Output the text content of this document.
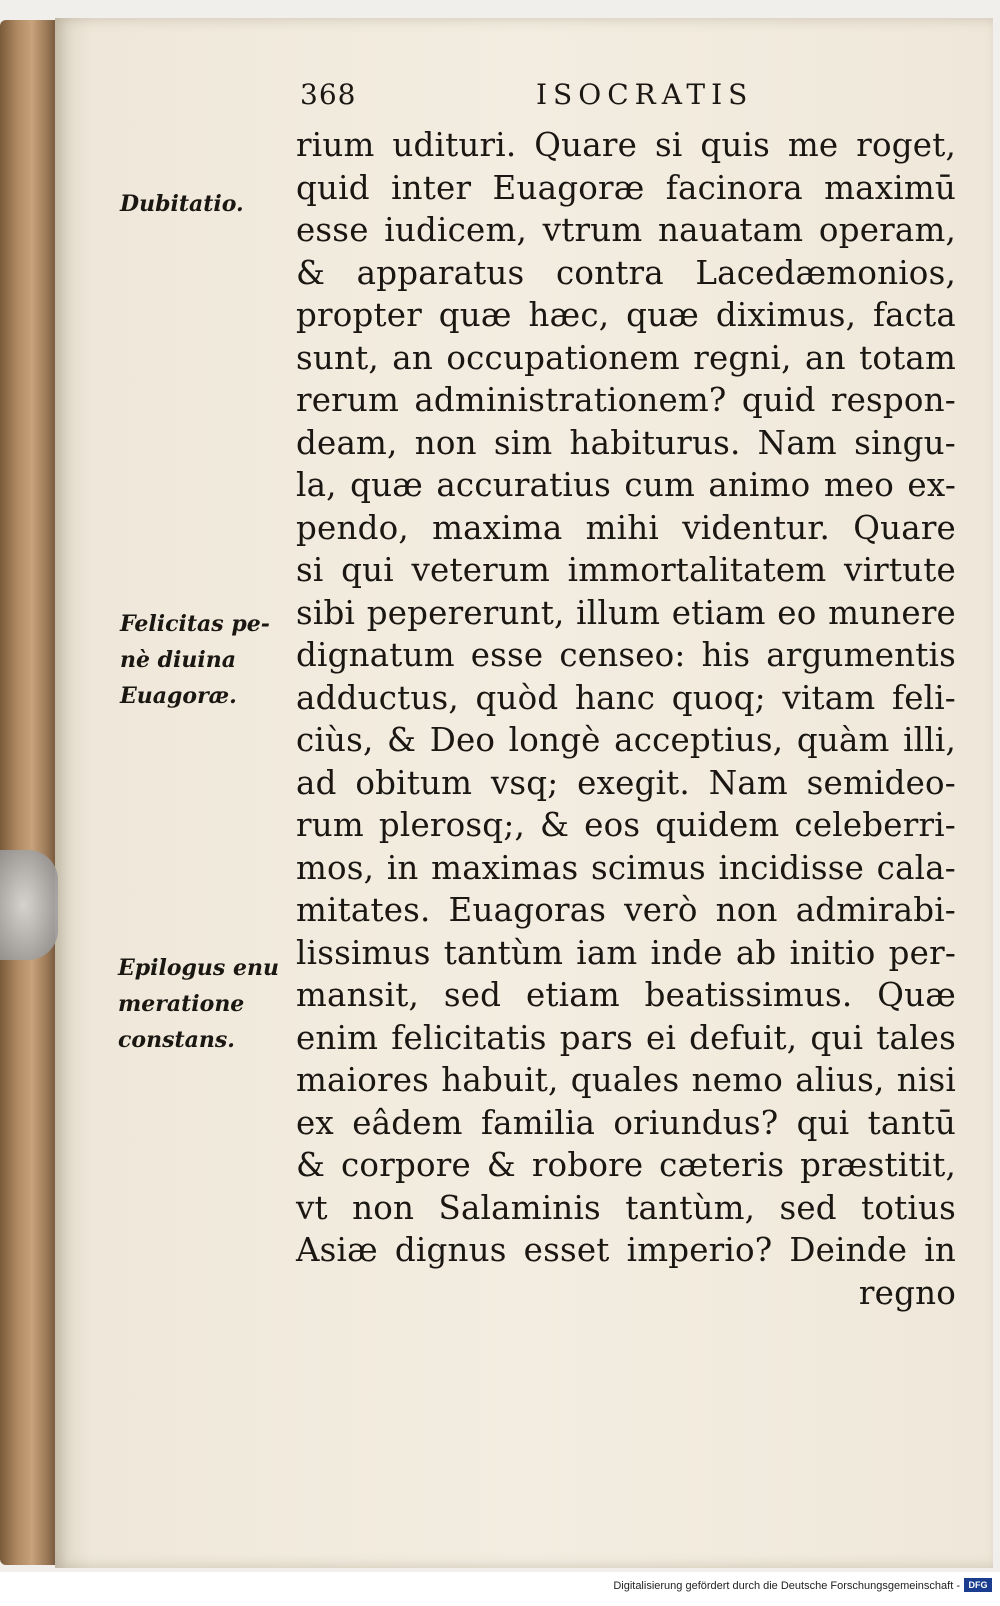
368	ISOCRATIS
rium udituri. Quare si quis me roget,
quid inter Euagoræ facinora maximū
esse iudicem, vtrum nauatam operam,
& apparatus contra Lacedæmonios,
propter quæ hæc, quæ diximus, facta
sunt, an occupationem regni, an totam
rerum administrationem? quid respon-
deam, non sim habiturus. Nam singu-
la, quæ accuratius cum animo meo ex-
pendo, maxima mihi videntur. Quare
si qui veterum immortalitatem virtute
sibi pepererunt, illum etiam eo munere
dignatum esse censeo: his argumentis
adductus, quòd hanc quoq; vitam feli-
ciùs, & Deo longè acceptius, quàm illi,
ad obitum vsq; exegit. Nam semideo-
rum plerosq;, & eos quidem celeberri-
mos, in maximas scimus incidisse cala-
mitates. Euagoras verò non admirabi-
lissimus tantùm iam inde ab initio per-
mansit, sed etiam beatissimus. Quæ
enim felicitatis pars ei defuit, qui tales
maiores habuit, quales nemo alius, nisi
ex eâdem familia oriundus? qui tantū
& corpore & robore cæteris præstitit,
vt non Salaminis tantùm, sed totius
Asiæ dignus esset imperio? Deinde in
regno
Dubitatio.
Felicitas pe-
nè diuina
Euagoræ.
Epilogus enu
meratione
constans.
Digitalisierung gefördert durch die Deutsche Forschungsgemeinschaft - DFG
